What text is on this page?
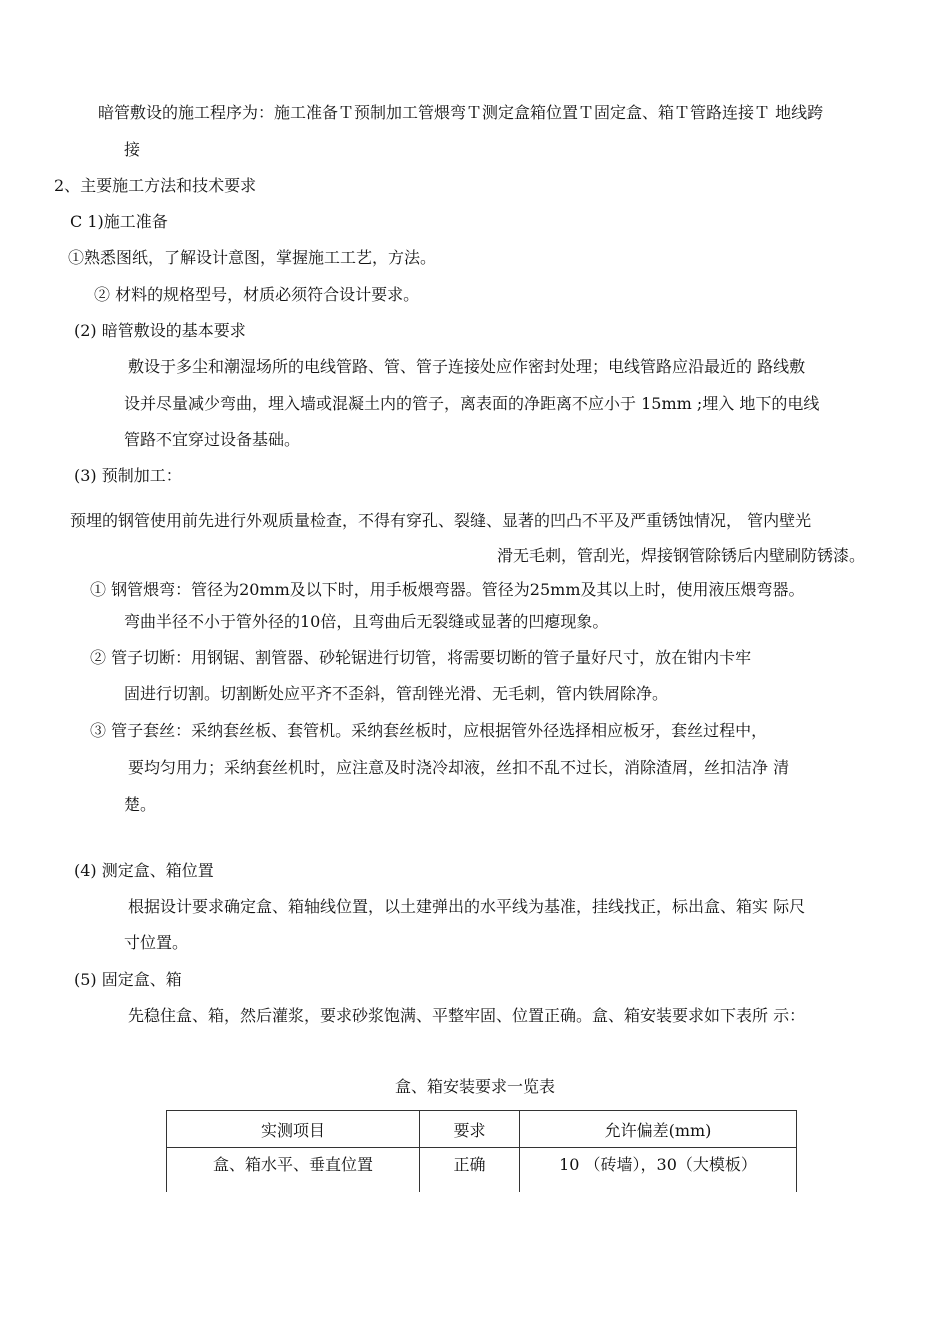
暗管敷设的施工程序为：施工准备Ｔ预制加工管煨弯Ｔ测定盒箱位置Ｔ固定盒、箱Ｔ管路连接Ｔ 地线跨
接
2、主要施工方法和技术要求
C 1)施工准备
①熟悉图纸，了解设计意图，掌握施工工艺，方法。
② 材料的规格型号，材质必须符合设计要求。
(2) 暗管敷设的基本要求
敷设于多尘和潮湿场所的电线管路、管、管子连接处应作密封处理；电线管路应沿最近的 路线敷
设并尽量减少弯曲，埋入墙或混凝土内的管子，离表面的净距离不应小于 15mm ;埋入 地下的电线
管路不宜穿过设备基础。
(3) 预制加工：
预埋的钢管使用前先进行外观质量检查，不得有穿孔、裂缝、显著的凹凸不平及严重锈蚀情况， 管内壁光
滑无毛刺，管刮光，焊接钢管除锈后内壁刷防锈漆。
① 钢管煨弯：管径为20mm及以下时，用手板煨弯器。管径为25mm及其以上时，使用液压煨弯器。
弯曲半径不小于管外径的10倍，且弯曲后无裂缝或显著的凹瘪现象。
② 管子切断：用钢锯、割管器、砂轮锯进行切管，将需要切断的管子量好尺寸，放在钳内卡牢
固进行切割。切割断处应平齐不歪斜，管刮锉光滑、无毛刺，管内铁屑除净。
③ 管子套丝：采纳套丝板、套管机。采纳套丝板时，应根据管外径选择相应板牙，套丝过程中，
要均匀用力；采纳套丝机时，应注意及时浇冷却液，丝扣不乱不过长，消除渣屑，丝扣洁净 清
楚。
(4) 测定盒、箱位置
根据设计要求确定盒、箱轴线位置，以土建弹出的水平线为基准，挂线找正，标出盒、箱实 际尺
寸位置。
(5) 固定盒、箱
先稳住盒、箱，然后灌浆，要求砂浆饱满、平整牢固、位置正确。盒、箱安装要求如下表所 示：
盒、箱安装要求一览表
实测项目	要求	允许偏差(mm)
盒、箱水平、垂直位置	正确	10 （砖墙），30（大模板）
